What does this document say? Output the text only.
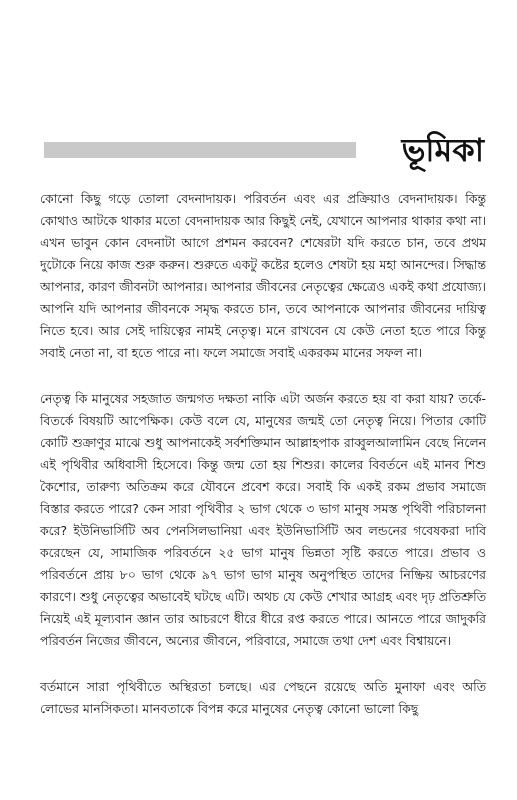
ভূমিকা

কোনো কিছু গড়ে তোলা বেদনাদায়ক। পরিবর্তন এবং এর প্রক্রিয়াও বেদনাদায়ক। কিন্তু কোথাও আটকে থাকার মতো বেদনাদায়ক আর কিছুই নেই, যেখানে আপনার থাকার কথা না। এখন ভাবুন কোন বেদনাটা আগে প্রশমন করবেন? শেষেরটা যদি করতে চান, তবে প্রথম দুটোকে নিয়ে কাজ শুরু করুন। শুরুতে একটু কষ্টের হলেও শেষটা হয় মহা আনন্দের। সিদ্ধান্ত আপনার, কারণ জীবনটা আপনার। আপনার জীবনের নেতৃত্বের ক্ষেত্রেও একই কথা প্রযোজ্য। আপনি যদি আপনার জীবনকে সমৃদ্ধ করতে চান, তবে আপনাকে আপনার জীবনের দায়িত্ব নিতে হবে। আর সেই দায়িত্বের নামই নেতৃত্ব। মনে রাখবেন যে কেউ নেতা হতে পারে কিন্তু সবাই নেতা না, বা হতে পারে না। ফলে সমাজে সবাই একরকম মানের সফল না।

নেতৃত্ব কি মানুষের সহজাত জন্মগত দক্ষতা নাকি এটা অর্জন করতে হয় বা করা যায়? তর্কে-বিতর্কে বিষয়টি আপেক্ষিক। কেউ বলে যে, মানুষের জন্মই তো নেতৃত্ব নিয়ে। পিতার কোটি কোটি শুক্রাণুর মাঝে শুধু আপনাকেই সর্বশক্তিমান আল্লাহপাক রাব্বুলআলামিন বেছে নিলেন এই পৃথিবীর অধিবাসী হিসেবে। কিন্তু জন্ম তো হয় শিশুর। কালের বিবর্তনে এই মানব শিশু কৈশোর, তারুণ্য অতিক্রম করে যৌবনে প্রবেশ করে। সবাই কি একই রকম প্রভাব সমাজে বিস্তার করতে পারে? কেন সারা পৃথিবীর ২ ভাগ থেকে ৩ ভাগ মানুষ সমস্ত পৃথিবী পরিচালনা করে? ইউনিভার্সিটি অব পেনসিলভানিয়া এবং ইউনিভার্সিটি অব লন্ডনের গবেষকরা দাবি করেছেন যে, সামাজিক পরিবর্তনে ২৫ ভাগ মানুষ ভিন্নতা সৃষ্টি করতে পারে। প্রভাব ও পরিবর্তনে প্রায় ৮০ ভাগ থেকে ৯৭ ভাগ ভাগ মানুষ অনুপস্থিত তাদের নিষ্ক্রিয় আচরণের কারণে। শুধু নেতৃত্বের অভাবেই ঘটছে এটি। অথচ যে কেউ শেখার আগ্রহ এবং দৃঢ় প্রতিশ্রুতি নিয়েই এই মূল্যবান জ্ঞান তার আচরণে ধীরে ধীরে রপ্ত করতে পারে। আনতে পারে জাদুকরি পরিবর্তন নিজের জীবনে, অন্যের জীবনে, পরিবারে, সমাজে তথা দেশ এবং বিশ্বায়নে।

বর্তমানে সারা পৃথিবীতে অস্থিরতা চলছে। এর পেছনে রয়েছে অতি মুনাফা এবং অতি লোভের মানসিকতা। মানবতাকে বিপন্ন করে মানুষের নেতৃত্ব কোনো ভালো কিছু
